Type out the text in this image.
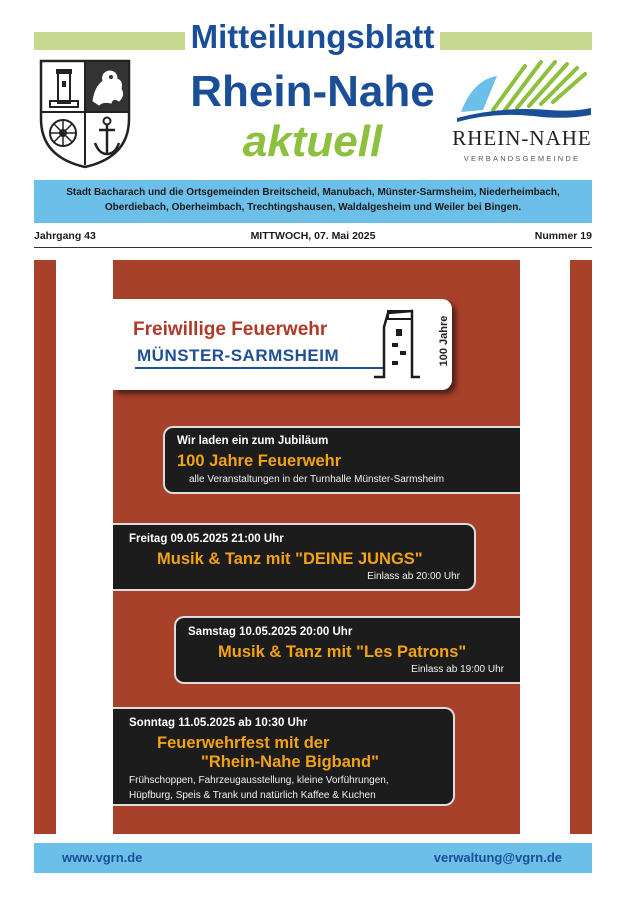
Mitteilungsblatt
Rhein-Nahe
aktuell	RHEIN-NAHE
VERBANDSGEMEINDE
Stadt Bacharach und die Ortsgemeinden Breitscheid, Manubach, Münster-Sarmsheim, Niederheimbach,
Oberdiebach, Oberheimbach, Trechtingshausen, Waldalgesheim und Weiler bei Bingen.
Jahrgang 43	MITTWOCH, 07. Mai 2025	Nummer 19
Freiwillige Feuerwehr
MÜNSTER-SARMSHEIM	100 Jahre
Wir laden ein zum Jubiläum
100 Jahre Feuerwehr
alle Veranstaltungen in der Turnhalle Münster-Sarmsheim
Freitag 09.05.2025 21:00 Uhr
Musik & Tanz mit "DEINE JUNGS"
Einlass ab 20:00 Uhr
Samstag 10.05.2025 20:00 Uhr
Musik & Tanz mit "Les Patrons"
Einlass ab 19:00 Uhr
Sonntag 11.05.2025 ab 10:30 Uhr
Feuerwehrfest mit der
"Rhein-Nahe Bigband"
Frühschoppen, Fahrzeugausstellung, kleine Vorführungen,
Hüpfburg, Speis & Trank und natürlich Kaffee & Kuchen
www.vgrn.de	verwaltung@vgrn.de
